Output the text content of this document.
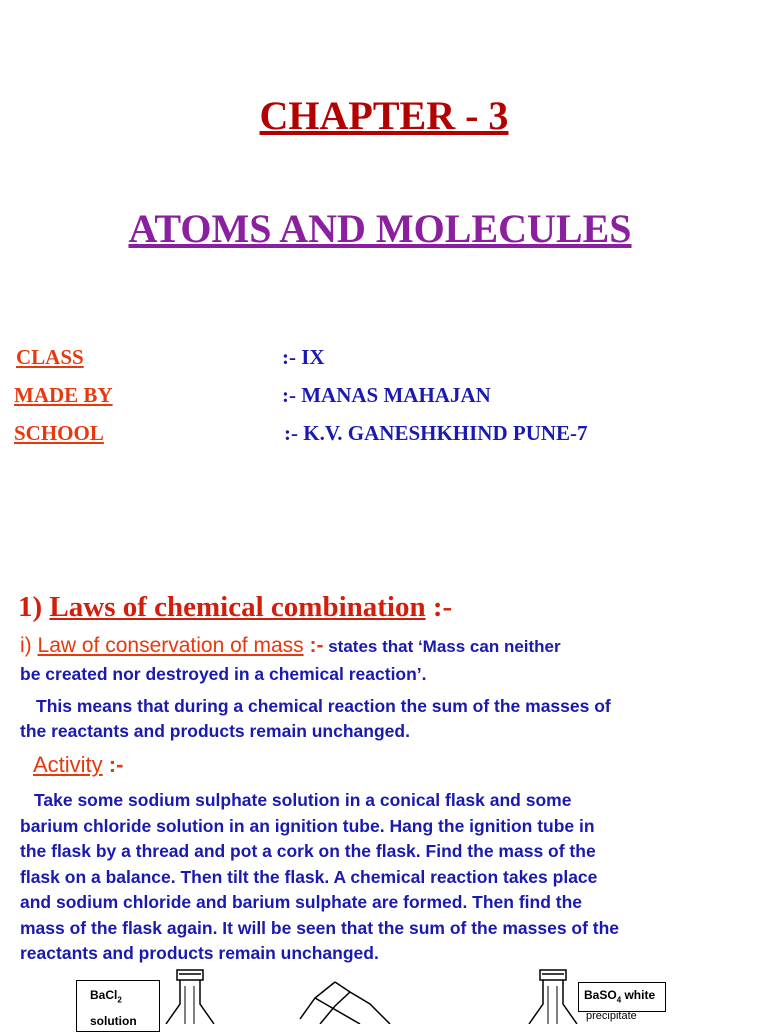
CHAPTER - 3
ATOMS AND MOLECULES
CLASS	:- IX
MADE BY	:- MANAS MAHAJAN
SCHOOL	:- K.V. GANESHKHIND PUNE-7
1) Laws of chemical combination :-
i) Law of conservation of mass :- states that ‘Mass can neither
be created nor destroyed in a chemical reaction’.
This means that during a chemical reaction the sum of the masses of
the reactants and products remain unchanged.
Activity :-
Take some sodium sulphate solution in a conical flask and some
barium chloride solution in an ignition tube. Hang the ignition tube in
the flask by a thread and pot a cork on the flask. Find the mass of the
flask on a balance. Then tilt the flask. A chemical reaction takes place
and sodium chloride and barium sulphate are formed. Then find the
mass of the flask again. It will be seen that the sum of the masses of the
reactants and products remain unchanged.
BaCl$_2$
solution
BaSO$_4$ white
precipitate
